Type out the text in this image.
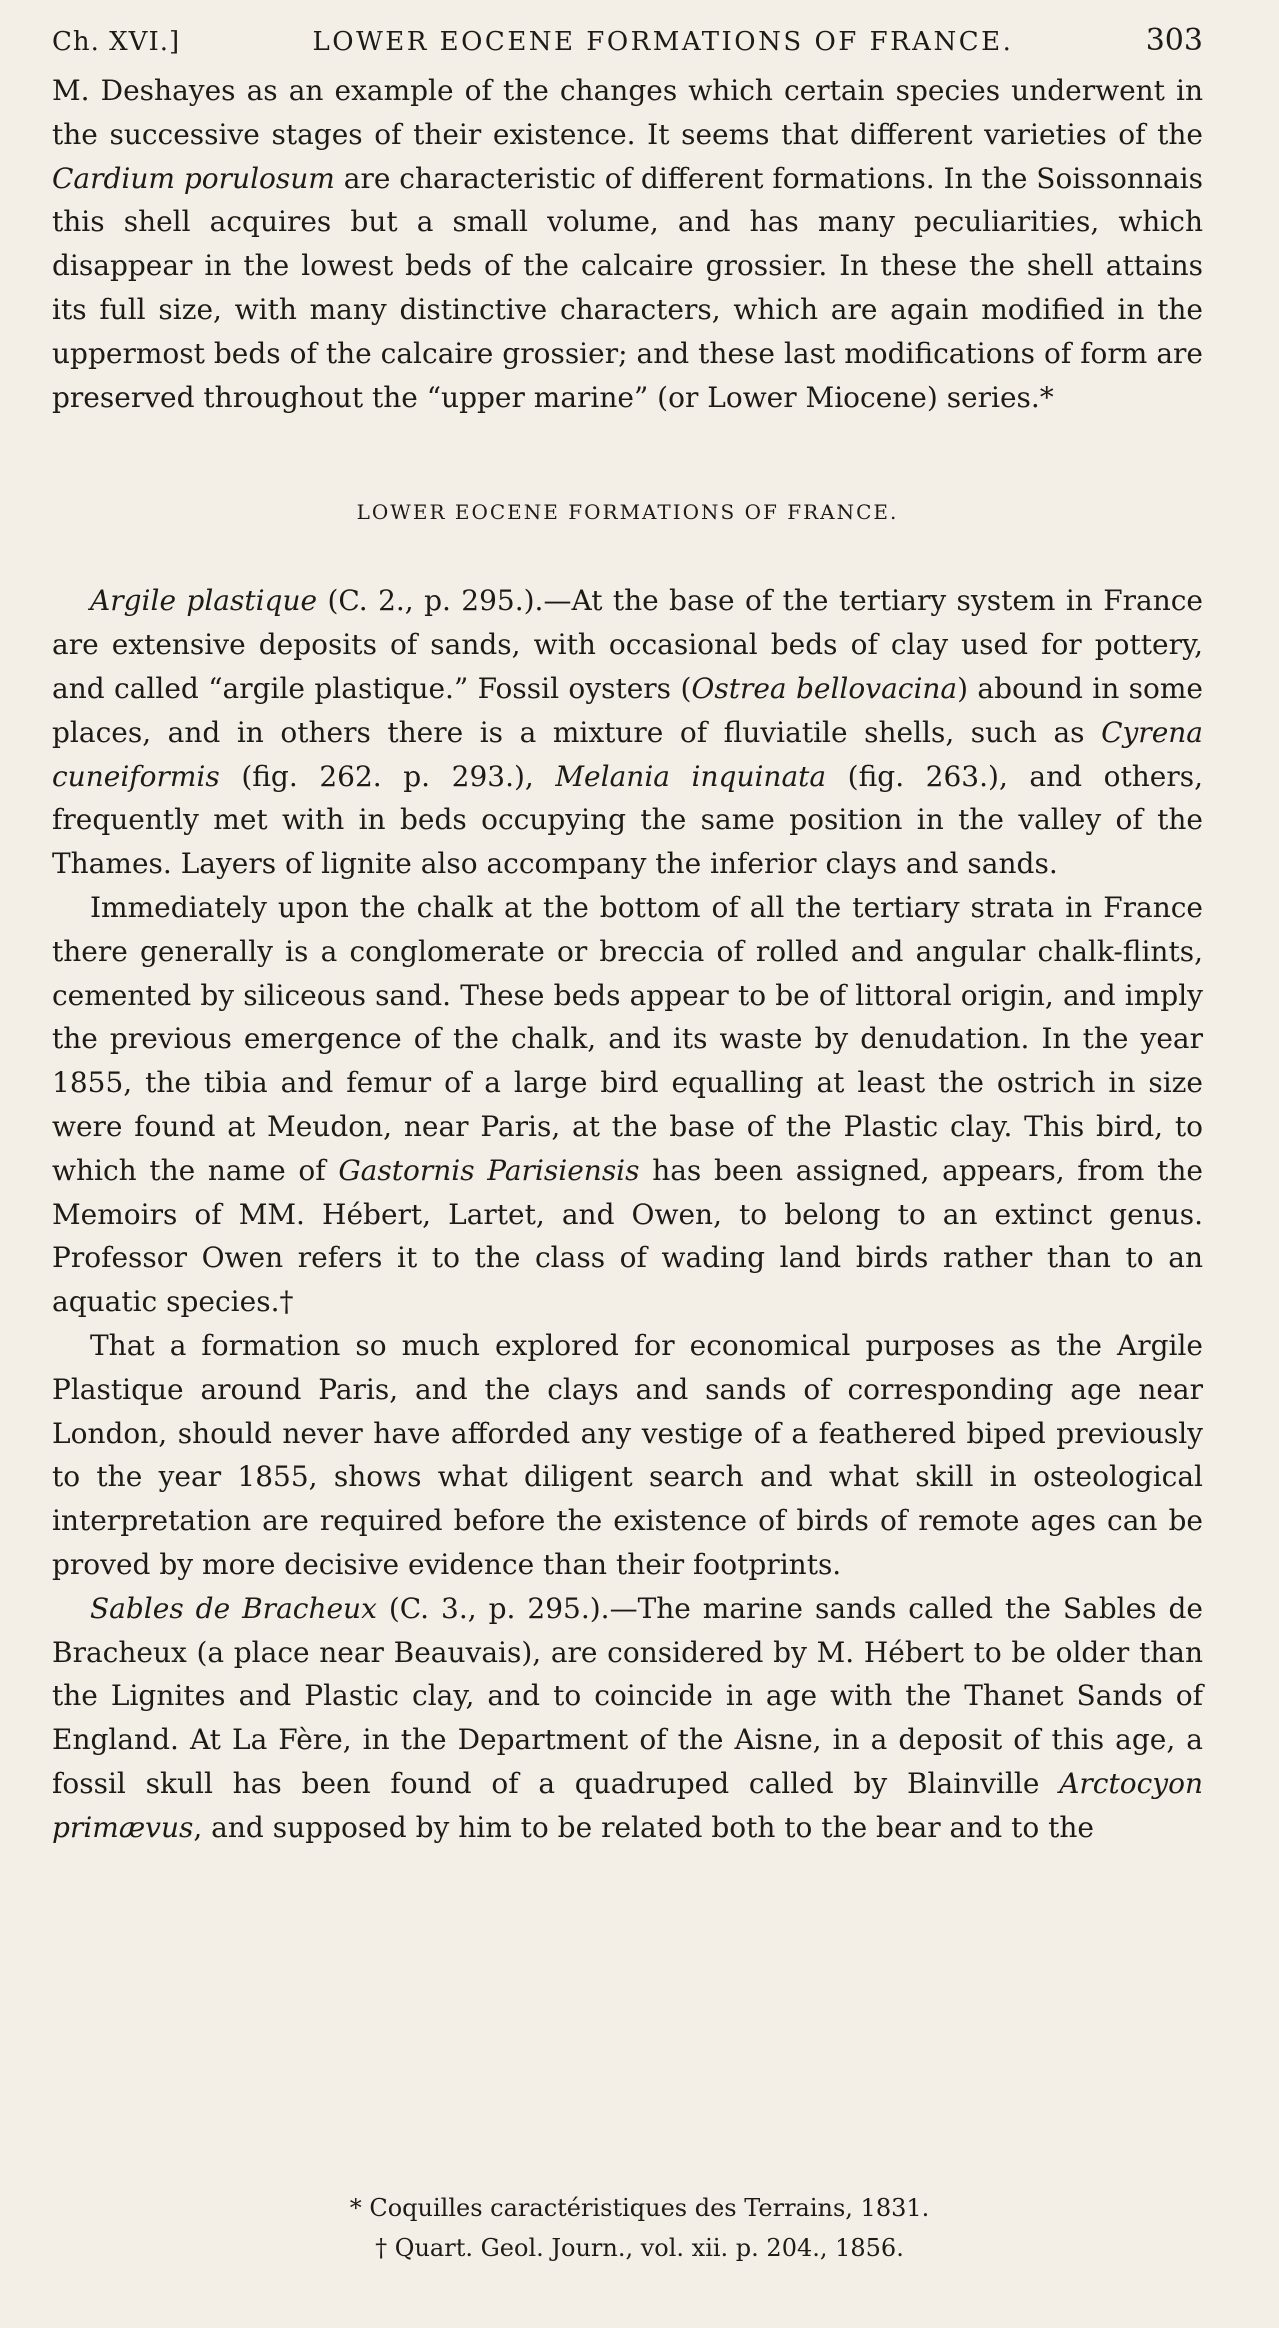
Ch. XVI.]	LOWER EOCENE FORMATIONS OF FRANCE.	303

M. Deshayes as an example of the changes which certain species underwent in the successive stages of their existence. It seems that different varieties of the Cardium porulosum are characteristic of different formations. In the Soissonnais this shell acquires but a small volume, and has many peculiarities, which disappear in the lowest beds of the calcaire grossier. In these the shell attains its full size, with many distinctive characters, which are again modified in the uppermost beds of the calcaire grossier; and these last modifications of form are preserved throughout the “upper marine” (or Lower Miocene) series.*

LOWER EOCENE FORMATIONS OF FRANCE.

Argile plastique (C. 2., p. 295.).—At the base of the tertiary system in France are extensive deposits of sands, with occasional beds of clay used for pottery, and called “argile plastique.” Fossil oysters (Ostrea bellovacina) abound in some places, and in others there is a mixture of fluviatile shells, such as Cyrena cuneiformis (fig. 262. p. 293.), Melania inquinata (fig. 263.), and others, frequently met with in beds occupying the same position in the valley of the Thames. Layers of lignite also accompany the inferior clays and sands.

Immediately upon the chalk at the bottom of all the tertiary strata in France there generally is a conglomerate or breccia of rolled and angular chalk-flints, cemented by siliceous sand. These beds appear to be of littoral origin, and imply the previous emergence of the chalk, and its waste by denudation. In the year 1855, the tibia and femur of a large bird equalling at least the ostrich in size were found at Meudon, near Paris, at the base of the Plastic clay. This bird, to which the name of Gastornis Parisiensis has been assigned, appears, from the Memoirs of MM. Hébert, Lartet, and Owen, to belong to an extinct genus. Professor Owen refers it to the class of wading land birds rather than to an aquatic species.†

That a formation so much explored for economical purposes as the Argile Plastique around Paris, and the clays and sands of corresponding age near London, should never have afforded any vestige of a feathered biped previously to the year 1855, shows what diligent search and what skill in osteological interpretation are required before the existence of birds of remote ages can be proved by more decisive evidence than their footprints.

Sables de Bracheux (C. 3., p. 295.).—The marine sands called the Sables de Bracheux (a place near Beauvais), are considered by M. Hébert to be older than the Lignites and Plastic clay, and to coincide in age with the Thanet Sands of England. At La Fère, in the Department of the Aisne, in a deposit of this age, a fossil skull has been found of a quadruped called by Blainville Arctocyon primævus, and supposed by him to be related both to the bear and to the

* Coquilles caractéristiques des Terrains, 1831.
† Quart. Geol. Journ., vol. xii. p. 204., 1856.
